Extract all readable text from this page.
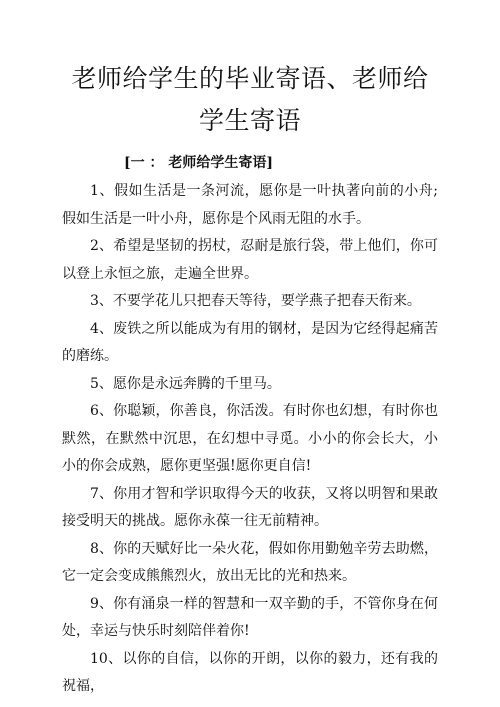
老师给学生的毕业寄语、老师给学生寄语
[一 ： 老师给学生寄语]
1、假如生活是一条河流，愿你是一叶执著向前的小舟;假如生活是一叶小舟，愿你是个风雨无阻的水手。
2、希望是坚韧的拐杖，忍耐是旅行袋，带上他们，你可以登上永恒之旅，走遍全世界。
3、不要学花儿只把春天等待，要学燕子把春天衔来。
4、废铁之所以能成为有用的钢材，是因为它经得起痛苦的磨练。
5、愿你是永远奔腾的千里马。
6、你聪颖，你善良，你活泼。有时你也幻想，有时你也默然，在默然中沉思，在幻想中寻觅。小小的你会长大，小小的你会成熟，愿你更坚强!愿你更自信!
7、你用才智和学识取得今天的收获，又将以明智和果敢接受明天的挑战。愿你永葆一往无前精神。
8、你的天赋好比一朵火花，假如你用勤勉辛劳去助燃，它一定会变成熊熊烈火，放出无比的光和热来。
9、你有涌泉一样的智慧和一双辛勤的手，不管你身在何处，幸运与快乐时刻陪伴着你!
10、以你的自信，以你的开朗，以你的毅力，还有我的祝福，
